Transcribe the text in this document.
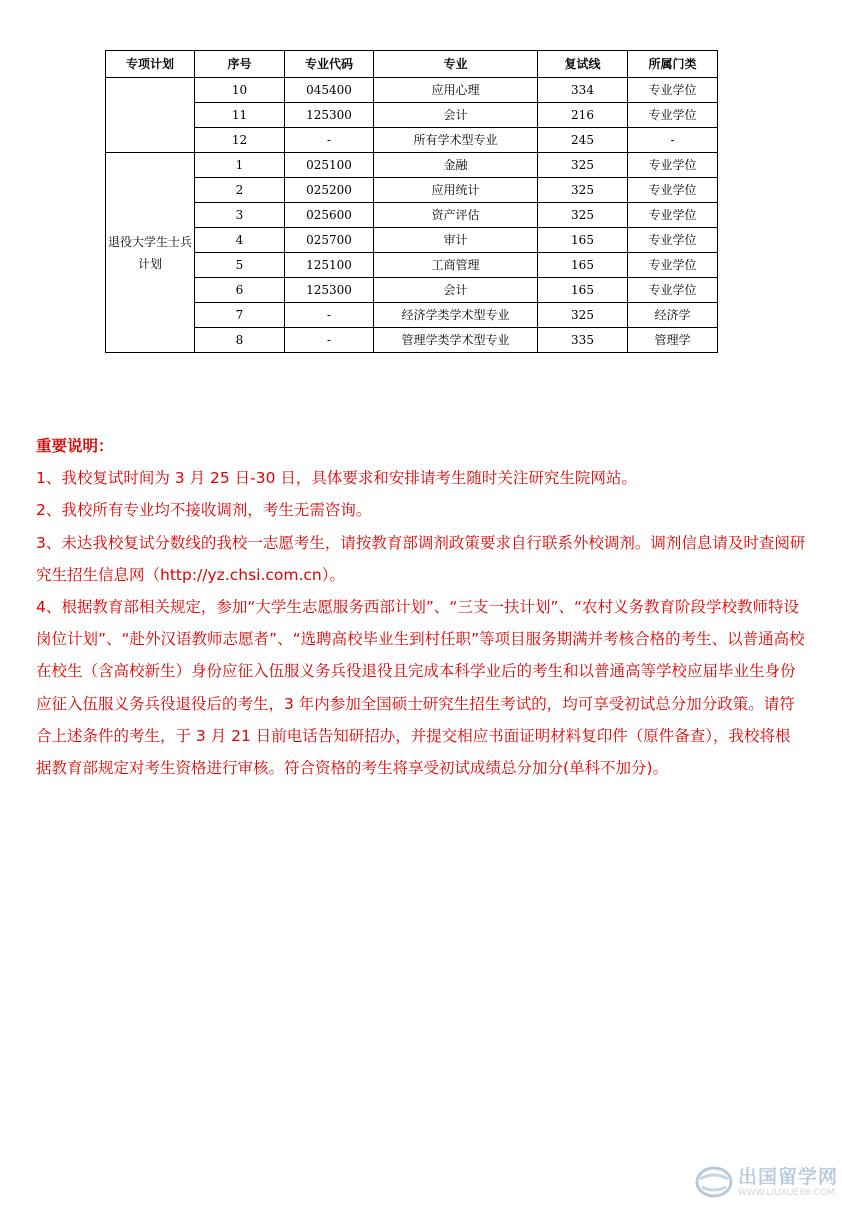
专项计划	序号	专业代码	专业	复试线	所属门类
	10	045400	应用心理	334	专业学位
	11	125300	会计	216	专业学位
	12	-	所有学术型专业	245	-
退役大学生士兵计划	1	025100	金融	325	专业学位
	2	025200	应用统计	325	专业学位
	3	025600	资产评估	325	专业学位
	4	025700	审计	165	专业学位
	5	125100	工商管理	165	专业学位
	6	125300	会计	165	专业学位
	7	-	经济学类学术型专业	325	经济学
	8	-	管理学类学术型专业	335	管理学
重要说明：

1、我校复试时间为 3 月 25 日-30 日，具体要求和安排请考生随时关注研究生院网站。

2、我校所有专业均不接收调剂，考生无需咨询。

3、未达我校复试分数线的我校一志愿考生，请按教育部调剂政策要求自行联系外校调剂。调剂信息请及时查阅研究生招生信息网（http://yz.chsi.com.cn）。

4、根据教育部相关规定，参加“大学生志愿服务西部计划”、“三支一扶计划”、“农村义务教育阶段学校教师特设岗位计划”、“赴外汉语教师志愿者”、“选聘高校毕业生到村任职”等项目服务期满并考核合格的考生、以普通高校在校生（含高校新生）身份应征入伍服义务兵役退役且完成本科学业后的考生和以普通高等学校应届毕业生身份应征入伍服义务兵役退役后的考生，3 年内参加全国硕士研究生招生考试的，均可享受初试总分加分政策。请符合上述条件的考生，于 3 月 21 日前电话告知研招办，并提交相应书面证明材料复印件（原件备查），我校将根据教育部规定对考生资格进行审核。符合资格的考生将享受初试成绩总分加分(单科不加分)。

出国留学网
WWW.LIUXUE86.COM
